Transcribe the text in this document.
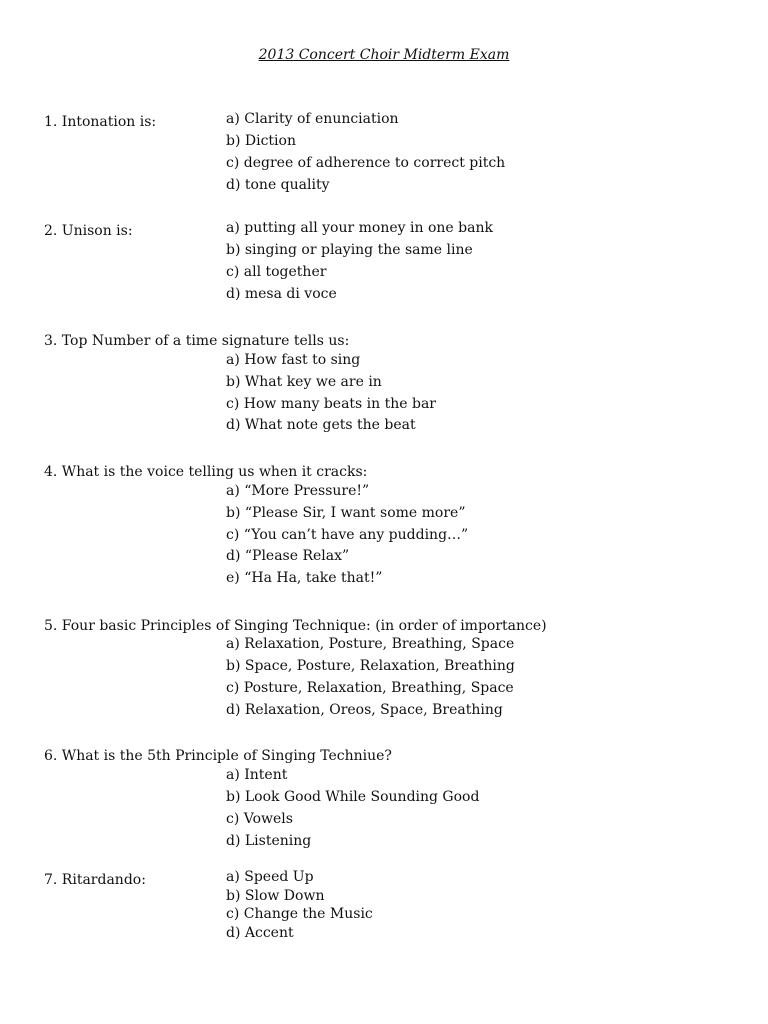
2013 Concert Choir Midterm Exam
1. Intonation is:	a) Clarity of enunciation
b) Diction
c) degree of adherence to correct pitch
d) tone quality
2. Unison is:	a) putting all your money in one bank
b) singing or playing the same line
c) all together
d) mesa di voce
3. Top Number of a time signature tells us:
a) How fast to sing
b) What key we are in
c) How many beats in the bar
d) What note gets the beat
4. What is the voice telling us when it cracks:
a) “More Pressure!”
b) “Please Sir, I want some more”
c) “You can’t have any pudding…”
d) “Please Relax”
e) “Ha Ha, take that!”
5. Four basic Principles of Singing Technique: (in order of importance)
a) Relaxation, Posture, Breathing, Space
b) Space, Posture, Relaxation, Breathing
c) Posture, Relaxation, Breathing, Space
d) Relaxation, Oreos, Space, Breathing
6. What is the 5th Principle of Singing Techniue?
a) Intent
b) Look Good While Sounding Good
c) Vowels
d) Listening
7. Ritardando:	a) Speed Up
b) Slow Down
c) Change the Music
d) Accent
